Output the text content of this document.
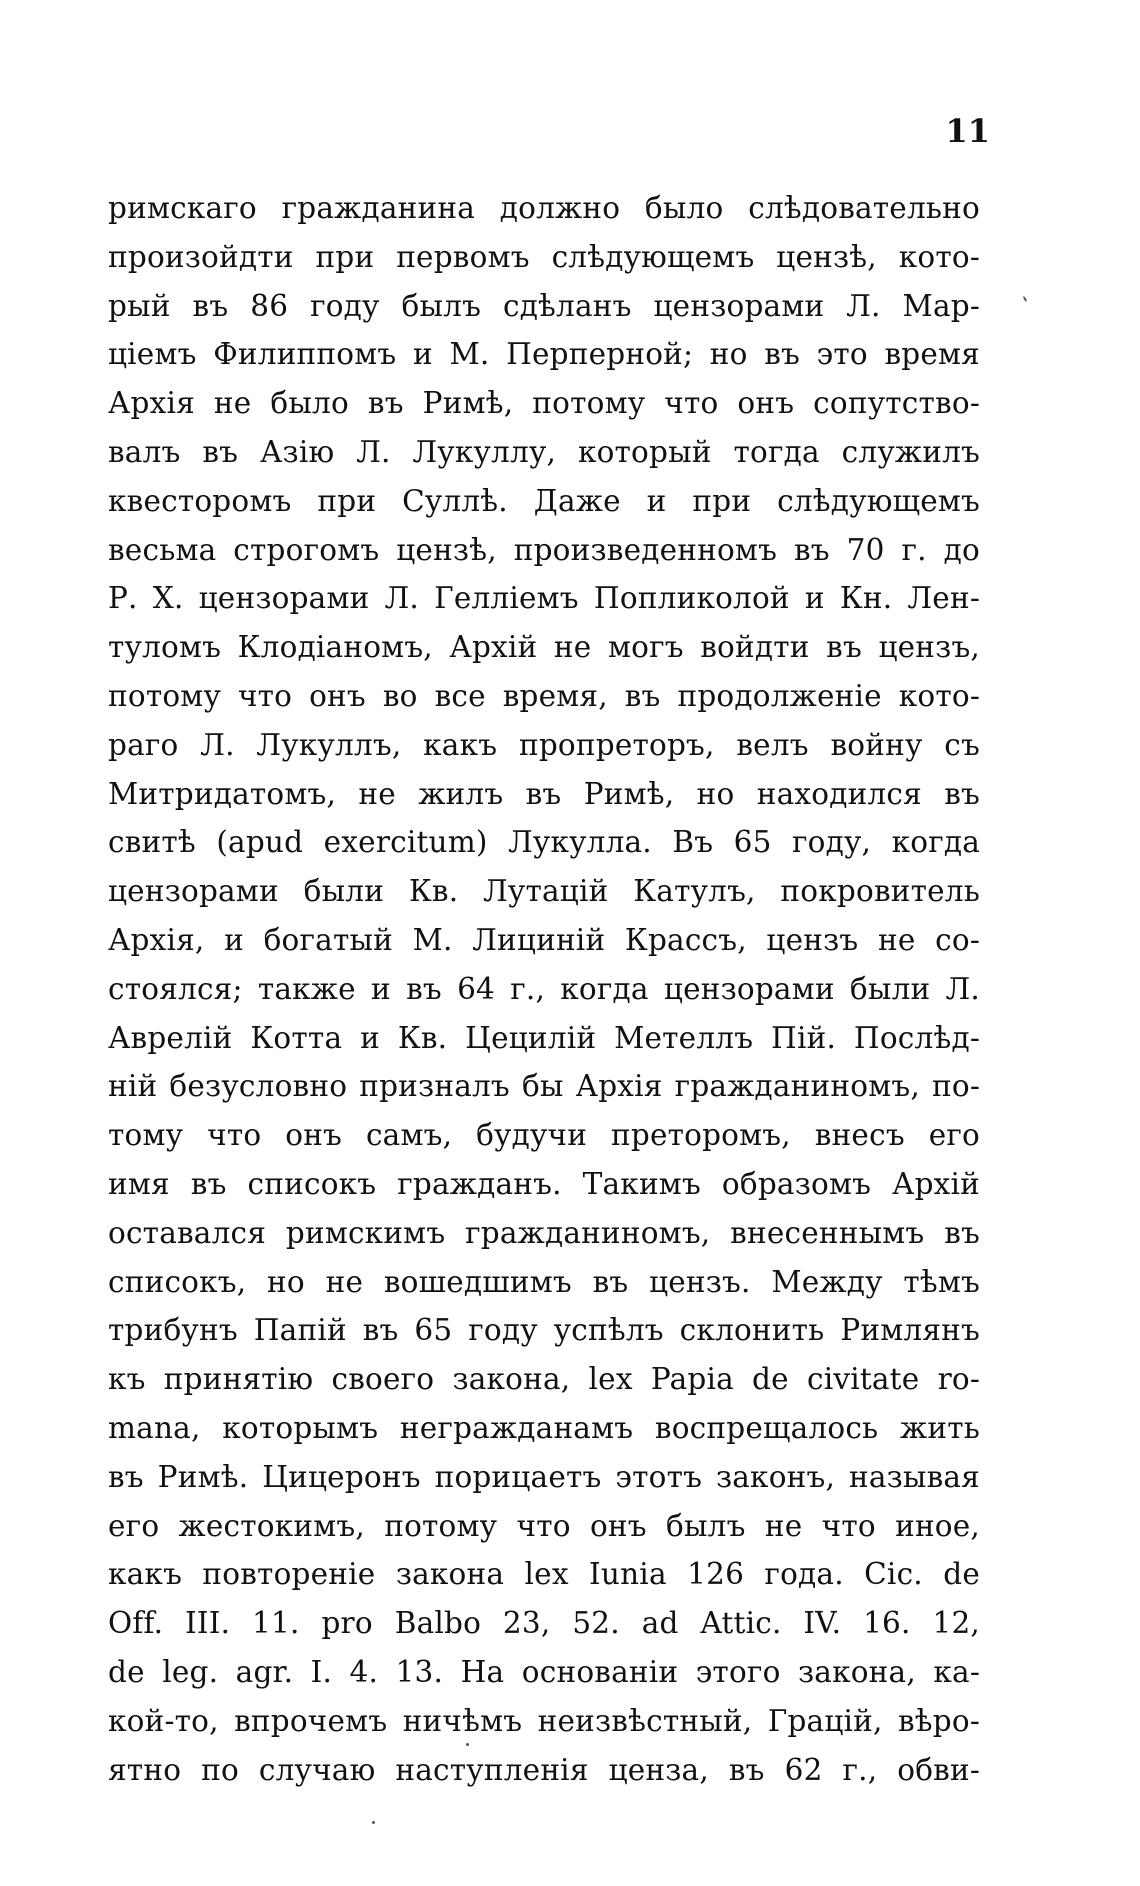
11
римскаго гражданина должно было слѣдовательно
произойдти при первомъ слѣдующемъ цензѣ, кото-
рый въ 86 году былъ сдѣланъ цензорами Л. Мар-
ціемъ Филиппомъ и М. Перперной; но въ это время
Архія не было въ Римѣ, потому что онъ сопутство-
валъ въ Азію Л. Лукуллу, который тогда служилъ
квесторомъ при Суллѣ. Даже и при слѣдующемъ
весьма строгомъ цензѣ, произведенномъ въ 70 г. до
Р. Х. цензорами Л. Гелліемъ Попликолой и Кн. Лен-
туломъ Клодіаномъ, Архій не могъ войдти въ цензъ,
потому что онъ во все время, въ продолженіе кото-
раго Л. Лукуллъ, какъ пропреторъ, велъ войну съ
Митридатомъ, не жилъ въ Римѣ, но находился въ
свитѣ (apud exercitum) Лукулла. Въ 65 году, когда
цензорами были Кв. Лутацій Катулъ, покровитель
Архія, и богатый М. Лициній Крассъ, цензъ не со-
стоялся; также и въ 64 г., когда цензорами были Л.
Аврелій Котта и Кв. Цецилій Метеллъ Пій. Послѣд-
ній безусловно призналъ бы Архія гражданиномъ, по-
тому что онъ самъ, будучи преторомъ, внесъ его
имя въ списокъ гражданъ. Такимъ образомъ Архій
оставался римскимъ гражданиномъ, внесеннымъ въ
списокъ, но не вошедшимъ въ цензъ. Между тѣмъ
трибунъ Папій въ 65 году успѣлъ склонить Римлянъ
къ принятію своего закона, lex Papia de civitate ro-
mana, которымъ негражданамъ воспрещалось жить
въ Римѣ. Цицеронъ порицаетъ этотъ законъ, называя
его жестокимъ, потому что онъ былъ не что иное,
какъ повтореніе закона lex Iunia 126 года. Cic. de
Off. III. 11. pro Balbo 23, 52. ad Attic. IV. 16. 12,
de leg. agr. I. 4. 13. На основаніи этого закона, ка-
кой-то, впрочемъ ничѣмъ неизвѣстный, Грацій, вѣро-
ятно по случаю наступленія ценза, въ 62 г., обви-
